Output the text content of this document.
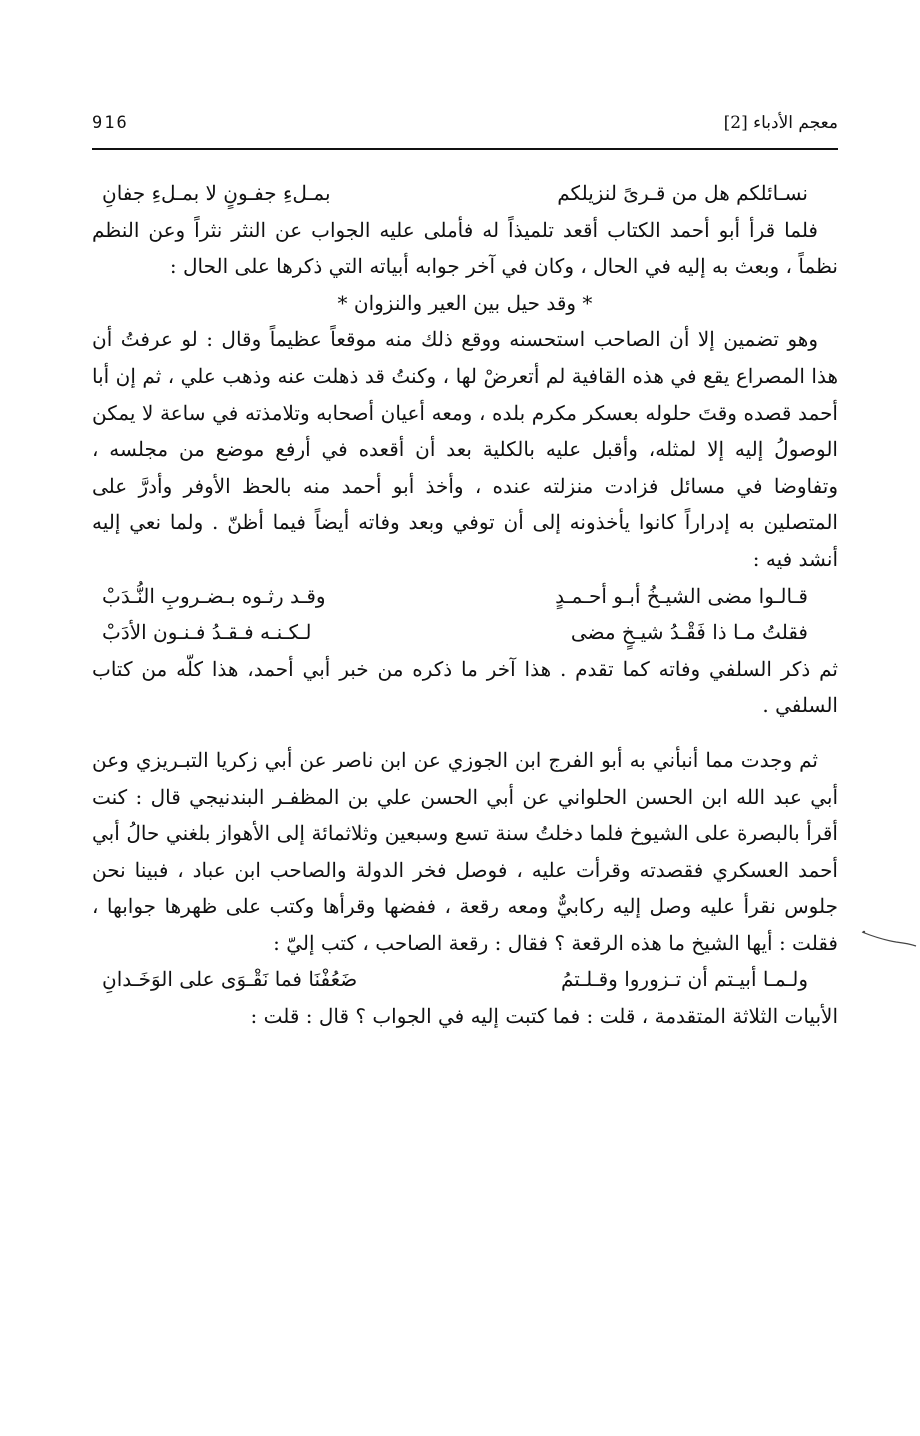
916	معجم الأدباء [2]
نسـائلكم هل من قـرىً لنزيلكم
بمـلءِ جفـونٍ لا بمـلءِ جفانِ

فلما قرأ أبو أحمد الكتاب أقعد تلميذاً له فأملى عليه الجواب عن النثر نثراً وعن النظم نظماً ، وبعث به إليه في الحال ، وكان في آخر جوابه أبياته التي ذكرها على الحال :

* وقد حيل بين العير والنزوان *

وهو تضمين إلا أن الصاحب استحسنه ووقع ذلك منه موقعاً عظيماً وقال : لو عرفتُ أن هذا المصراع يقع في هذه القافية لم أتعرضْ لها ، وكنتُ قد ذهلت عنه وذهب علي ، ثم إن أبا أحمد قصده وقتَ حلوله بعسكر مكرم بلده ، ومعه أعيان أصحابه وتلامذته في ساعة لا يمكن الوصولُ إليه إلا لمثله، وأقبل عليه بالكلية بعد أن أقعده في أرفع موضع من مجلسه ، وتفاوضا في مسائل فزادت منزلته عنده ، وأخذ أبو أحمد منه بالحظ الأوفر وأدرَّ على المتصلين به إدراراً كانوا يأخذونه إلى أن توفي وبعد وفاته أيضاً فيما أظنّ . ولما نعي إليه أنشد فيه :

قـالـوا مضى الشيـخُ أبـو أحـمـدٍ
وقـد رثـوه بـضـروبِ النُّـدَبْ
فقلتُ مـا ذا فَقْـدُ شيـخٍ مضى
لـكـنـه فـقـدُ فـنـون الأدَبْ

ثم ذكر السلفي وفاته كما تقدم . هذا آخر ما ذكره من خبر أبي أحمد، هذا كلّه من كتاب السلفي .

ثم وجدت مما أنبأني به أبو الفرج ابن الجوزي عن ابن ناصر عن أبي زكريا التبـريزي وعن أبي عبد الله ابن الحسن الحلواني عن أبي الحسن علي بن المظفـر البندنيجي قال : كنت أقرأ بالبصرة على الشيوخ فلما دخلتُ سنة تسع وسبعين وثلاثمائة إلى الأهواز بلغني حالُ أبي أحمد العسكري فقصدته وقرأت عليه ، فوصل فخر الدولة والصاحب ابن عباد ، فبينا نحن جلوس نقرأ عليه وصل إليه ركابيٌّ ومعه رقعة ، ففضها وقرأها وكتب على ظهرها جوابها ، فقلت : أيها الشيخ ما هذه الرقعة ؟ فقال : رقعة الصاحب ، كتب إليّ :

ولـمـا أبيـتم أن تـزوروا وقـلـتمُ
ضَعُفْنَا فما نَقْـوَى على الوَخَـدانِ

الأبيات الثلاثة المتقدمة ، قلت : فما كتبت إليه في الجواب ؟ قال : قلت :
